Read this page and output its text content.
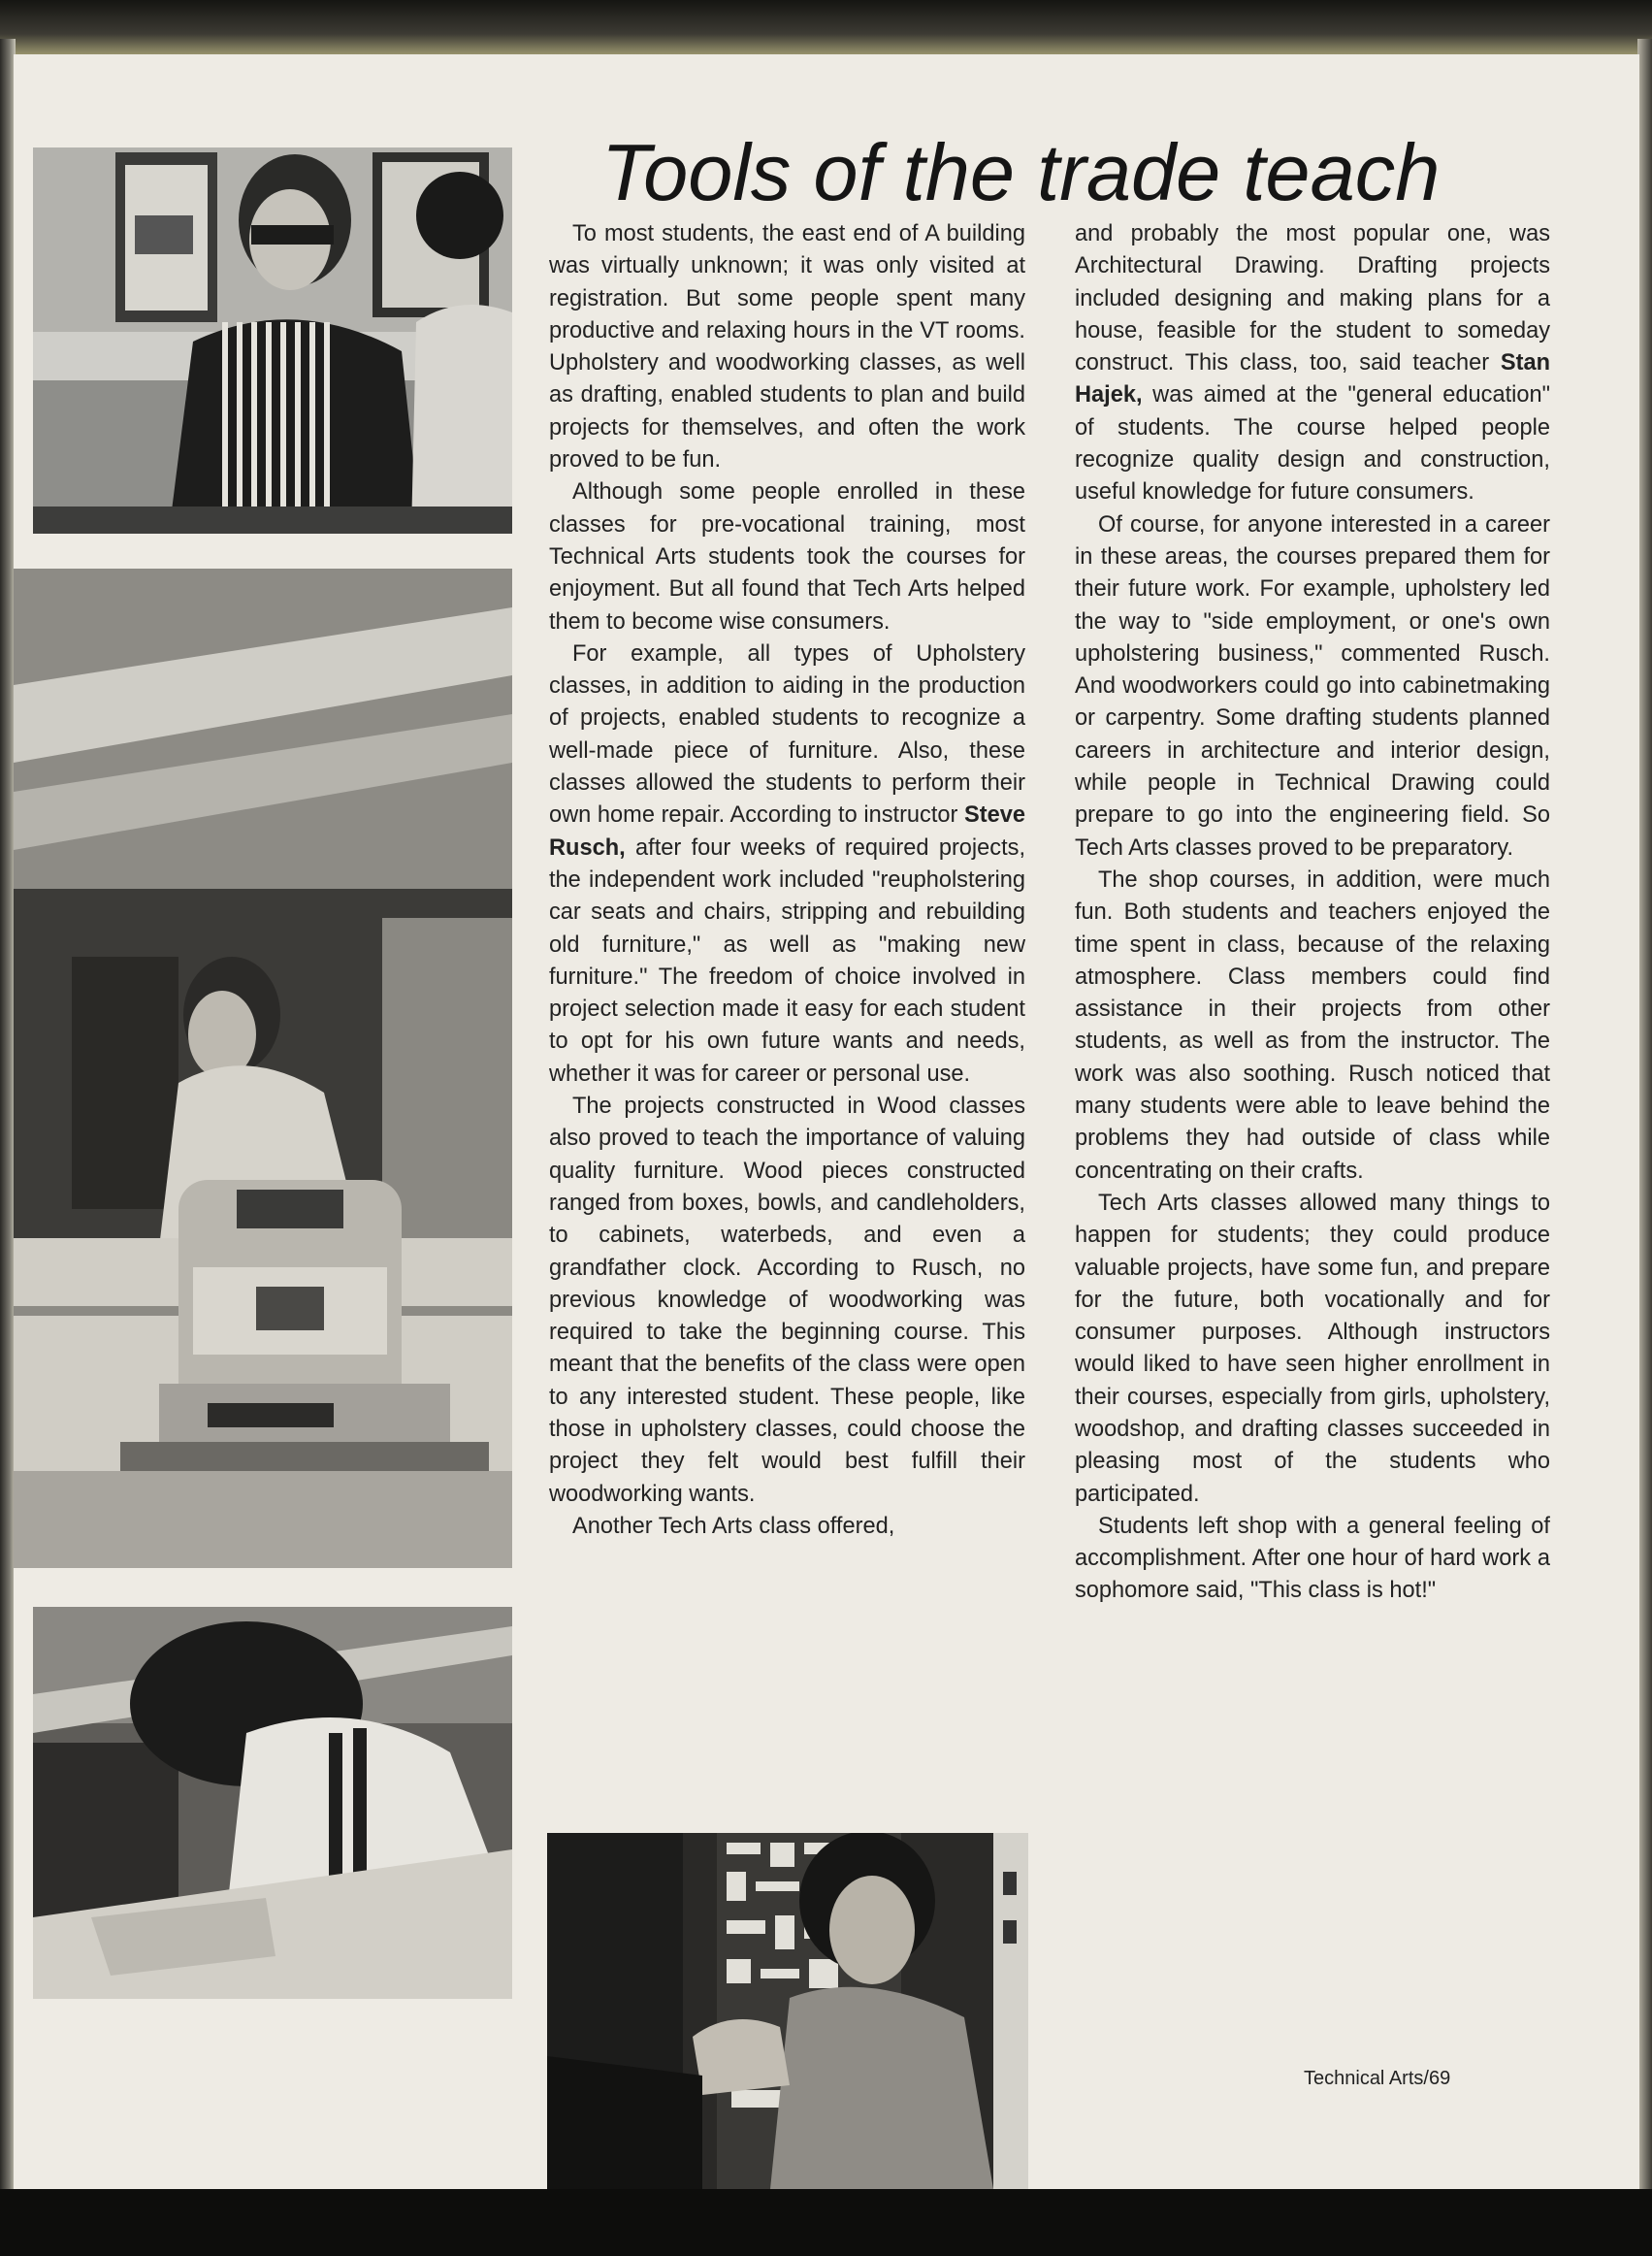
Tools of the trade teach

To most students, the east end of A building was virtually unknown; it was only visited at registration. But some people spent many productive and relaxing hours in the VT rooms. Upholstery and woodworking classes, as well as drafting, enabled students to plan and build projects for themselves, and often the work proved to be fun.

Although some people enrolled in these classes for pre-vocational training, most Technical Arts students took the courses for enjoyment. But all found that Tech Arts helped them to become wise consumers.

For example, all types of Upholstery classes, in addition to aiding in the production of projects, enabled students to recognize a well-made piece of furniture. Also, these classes allowed the students to perform their own home repair. According to instructor Steve Rusch, after four weeks of required projects, the independent work included "reupholstering car seats and chairs, stripping and rebuilding old furniture," as well as "making new furniture." The freedom of choice involved in project selection made it easy for each student to opt for his own future wants and needs, whether it was for career or personal use.

The projects constructed in Wood classes also proved to teach the importance of valuing quality furniture. Wood pieces constructed ranged from boxes, bowls, and candleholders, to cabinets, waterbeds, and even a grandfather clock. According to Rusch, no previous knowledge of woodworking was required to take the beginning course. This meant that the benefits of the class were open to any interested student. These people, like those in upholstery classes, could choose the project they felt would best fulfill their woodworking wants.

Another Tech Arts class offered,

and probably the most popular one, was Architectural Drawing. Drafting projects included designing and making plans for a house, feasible for the student to someday construct. This class, too, said teacher Stan Hajek, was aimed at the "general education" of students. The course helped people recognize quality design and construction, useful knowledge for future consumers.

Of course, for anyone interested in a career in these areas, the courses prepared them for their future work. For example, upholstery led the way to "side employment, or one's own upholstering business," commented Rusch. And woodworkers could go into cabinetmaking or carpentry. Some drafting students planned careers in architecture and interior design, while people in Technical Drawing could prepare to go into the engineering field. So Tech Arts classes proved to be preparatory.

The shop courses, in addition, were much fun. Both students and teachers enjoyed the time spent in class, because of the relaxing atmosphere. Class members could find assistance in their projects from other students, as well as from the instructor. The work was also soothing. Rusch noticed that many students were able to leave behind the problems they had outside of class while concentrating on their crafts.

Tech Arts classes allowed many things to happen for students; they could produce valuable projects, have some fun, and prepare for the future, both vocationally and for consumer purposes. Although instructors would liked to have seen higher enrollment in their courses, especially from girls, upholstery, woodshop, and drafting classes succeeded in pleasing most of the students who participated.

Students left shop with a general feeling of accomplishment. After one hour of hard work a sophomore said, "This class is hot!"

Technical Arts/69
